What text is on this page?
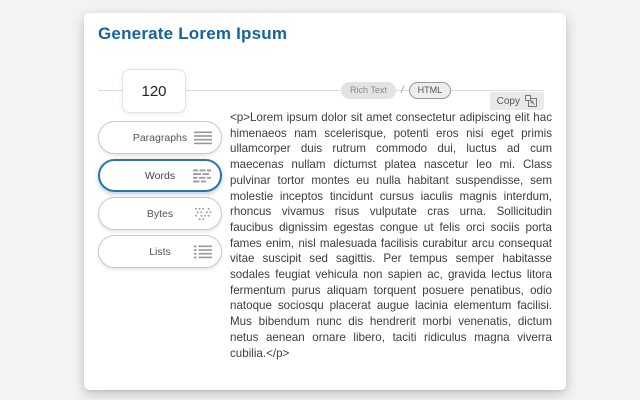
Generate Lorem Ipsum
120
Paragraphs
Words
Bytes
Lists
Rich Text	/	HTML
Copy
<p>Lorem ipsum dolor sit amet consectetur adipiscing elit hac himenaeos nam scelerisque, potenti eros nisi eget primis ullamcorper duis rutrum commodo dui, luctus ad cum maecenas nullam dictumst platea nascetur leo mi. Class pulvinar tortor montes eu nulla habitant suspendisse, sem molestie inceptos tincidunt cursus iaculis magnis interdum, rhoncus vivamus risus vulputate cras urna. Sollicitudin faucibus dignissim egestas congue ut felis orci sociis porta fames enim, nisl malesuada facilisis curabitur arcu consequat vitae suscipit sed sagittis. Per tempus semper habitasse sodales feugiat vehicula non sapien ac, gravida lectus litora fermentum purus aliquam torquent posuere penatibus, odio natoque sociosqu placerat augue lacinia elementum facilisi. Mus bibendum nunc dis hendrerit morbi venenatis, dictum netus aenean ornare libero, taciti ridiculus magna viverra cubilia.</p>
